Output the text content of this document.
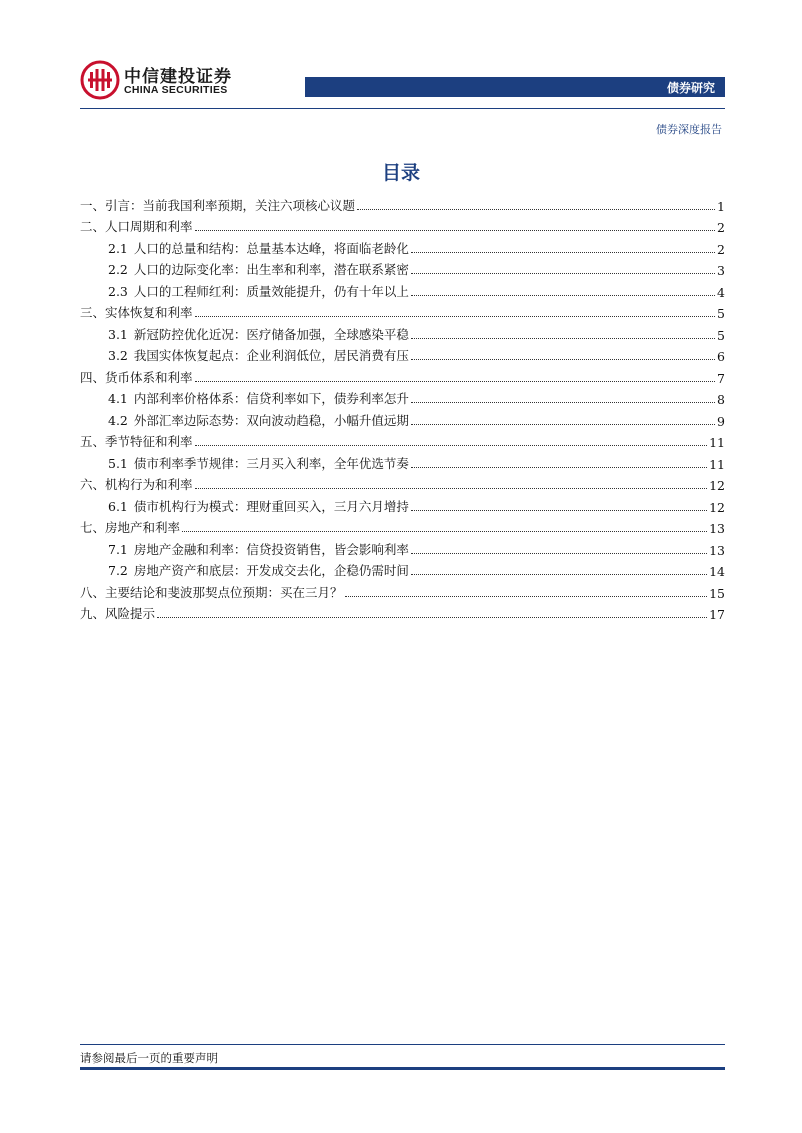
中信建投证券
CHINA SECURITIES	债券研究
债券深度报告
目录
一、引言：当前我国利率预期，关注六项核心议题	1
二、人口周期和利率	2
2.1 人口的总量和结构：总量基本达峰，将面临老龄化	2
2.2 人口的边际变化率：出生率和利率，潜在联系紧密	3
2.3 人口的工程师红利：质量效能提升，仍有十年以上	4
三、实体恢复和利率	5
3.1 新冠防控优化近况：医疗储备加强，全球感染平稳	5
3.2 我国实体恢复起点：企业利润低位，居民消费有压	6
四、货币体系和利率	7
4.1 内部利率价格体系：信贷利率如下，债券利率怎升	8
4.2 外部汇率边际态势：双向波动趋稳，小幅升值远期	9
五、季节特征和利率	11
5.1 债市利率季节规律：三月买入利率，全年优选节奏	11
六、机构行为和利率	12
6.1 债市机构行为模式：理财重回买入，三月六月增持	12
七、房地产和利率	13
7.1 房地产金融和利率：信贷投资销售，皆会影响利率	13
7.2 房地产资产和底层：开发成交去化，企稳仍需时间	14
八、主要结论和斐波那契点位预期：买在三月？	15
九、风险提示	17
请参阅最后一页的重要声明
